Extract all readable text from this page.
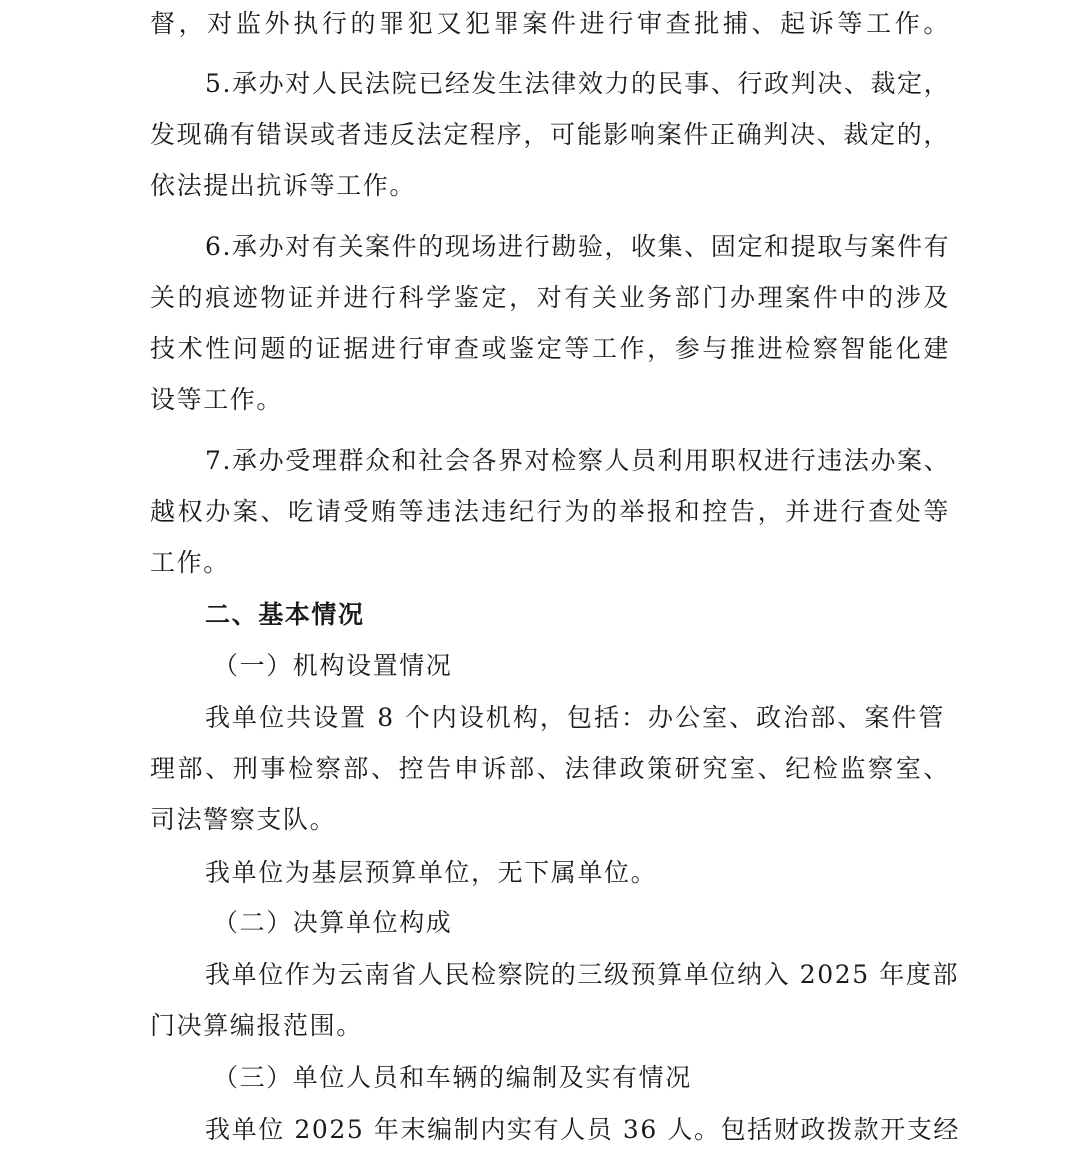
督，对监外执行的罪犯又犯罪案件进行审查批捕、起诉等工作。
5.承办对人民法院已经发生法律效力的民事、行政判决、裁定，
发现确有错误或者违反法定程序，可能影响案件正确判决、裁定的，
依法提出抗诉等工作。
6.承办对有关案件的现场进行勘验，收集、固定和提取与案件有
关的痕迹物证并进行科学鉴定，对有关业务部门办理案件中的涉及
技术性问题的证据进行审查或鉴定等工作，参与推进检察智能化建
设等工作。
7.承办受理群众和社会各界对检察人员利用职权进行违法办案、
越权办案、吃请受贿等违法违纪行为的举报和控告，并进行查处等
工作。
二、基本情况
（一）机构设置情况
我单位共设置 8 个内设机构，包括：办公室、政治部、案件管
理部、刑事检察部、控告申诉部、法律政策研究室、纪检监察室、
司法警察支队。
我单位为基层预算单位，无下属单位。
（二）决算单位构成
我单位作为云南省人民检察院的三级预算单位纳入 2025 年度部
门决算编报范围。
（三）单位人员和车辆的编制及实有情况
我单位 2025 年末编制内实有人员 36 人。包括财政拨款开支经
